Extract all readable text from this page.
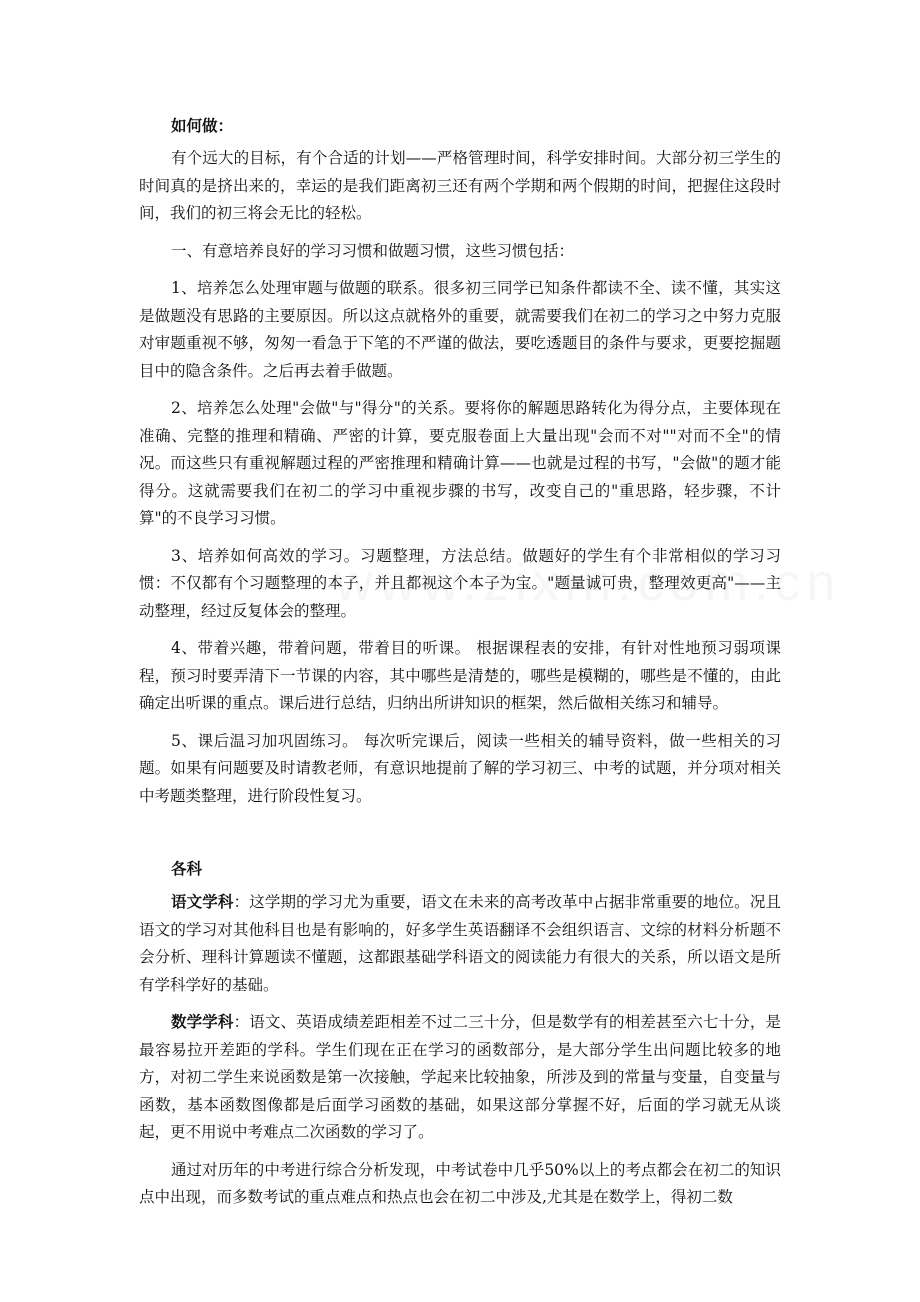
如何做：

有个远大的目标，有个合适的计划——严格管理时间，科学安排时间。大部分初三学生的时间真的是挤出来的，幸运的是我们距离初三还有两个学期和两个假期的时间，把握住这段时间，我们的初三将会无比的轻松。

一、有意培养良好的学习习惯和做题习惯，这些习惯包括：

1、培养怎么处理审题与做题的联系。很多初三同学已知条件都读不全、读不懂，其实这是做题没有思路的主要原因。所以这点就格外的重要，就需要我们在初二的学习之中努力克服对审题重视不够，匆匆一看急于下笔的不严谨的做法，要吃透题目的条件与要求，更要挖掘题目中的隐含条件。之后再去着手做题。

2、培养怎么处理"会做"与"得分"的关系。要将你的解题思路转化为得分点，主要体现在准确、完整的推理和精确、严密的计算，要克服卷面上大量出现"会而不对""对而不全"的情况。而这些只有重视解题过程的严密推理和精确计算——也就是过程的书写，"会做"的题才能得分。这就需要我们在初二的学习中重视步骤的书写，改变自己的"重思路，轻步骤，不计算"的不良学习习惯。

3、培养如何高效的学习。习题整理，方法总结。做题好的学生有个非常相似的学习习惯：不仅都有个习题整理的本子，并且都视这个本子为宝。"题量诚可贵，整理效更高"——主动整理，经过反复体会的整理。

4、带着兴趣，带着问题，带着目的听课。 根据课程表的安排，有针对性地预习弱项课程，预习时要弄清下一节课的内容，其中哪些是清楚的，哪些是模糊的，哪些是不懂的，由此确定出听课的重点。课后进行总结，归纳出所讲知识的框架，然后做相关练习和辅导。

5、课后温习加巩固练习。 每次听完课后，阅读一些相关的辅导资料，做一些相关的习题。如果有问题要及时请教老师，有意识地提前了解的学习初三、中考的试题，并分项对相关中考题类整理，进行阶段性复习。

各科

语文学科：这学期的学习尤为重要，语文在未来的高考改革中占据非常重要的地位。况且语文的学习对其他科目也是有影响的，好多学生英语翻译不会组织语言、文综的材料分析题不会分析、理科计算题读不懂题，这都跟基础学科语文的阅读能力有很大的关系，所以语文是所有学科学好的基础。

数学学科：语文、英语成绩差距相差不过二三十分，但是数学有的相差甚至六七十分，是最容易拉开差距的学科。学生们现在正在学习的函数部分，是大部分学生出问题比较多的地方，对初二学生来说函数是第一次接触，学起来比较抽象，所涉及到的常量与变量，自变量与函数，基本函数图像都是后面学习函数的基础，如果这部分掌握不好，后面的学习就无从谈起，更不用说中考难点二次函数的学习了。

通过对历年的中考进行综合分析发现，中考试卷中几乎50%以上的考点都会在初二的知识点中出现，而多数考试的重点难点和热点也会在初二中涉及,尤其是在数学上，得初二数
